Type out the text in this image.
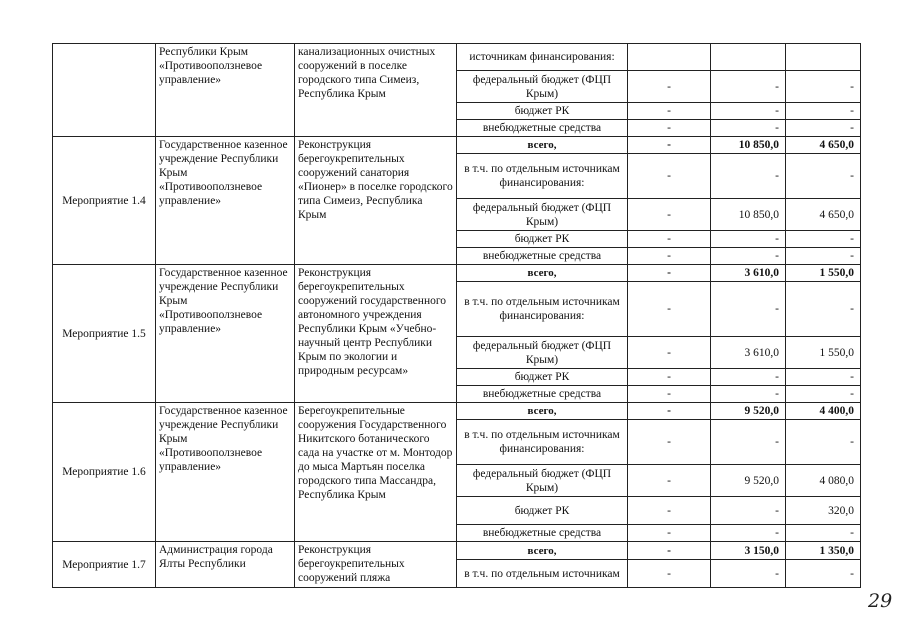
	Республики Крым «Противооползневое управление»	канализационных очистных сооружений в поселке городского типа Симеиз, Республика Крым	источникам финансирования:			
			федеральный бюджет (ФЦП Крым)	-	-	-
			бюджет РК	-	-	-
			внебюджетные средства	-	-	-
Мероприятие 1.4	Государственное казенное учреждение Республики Крым «Противооползневое управление»	Реконструкция берегоукрепительных сооружений санатория «Пионер» в поселке городского типа Симеиз, Республика Крым	всего,	-	10 850,0	4 650,0
			в т.ч. по отдельным источникам финансирования:	-	-	-
			федеральный бюджет (ФЦП Крым)	-	10 850,0	4 650,0
			бюджет РК	-	-	-
			внебюджетные средства	-	-	-
Мероприятие 1.5	Государственное казенное учреждение Республики Крым «Противооползневое управление»	Реконструкция берегоукрепительных сооружений государственного автономного учреждения Республики Крым «Учебно-научный центр Республики Крым по экологии и природным ресурсам»	всего,	-	3 610,0	1 550,0
			в т.ч. по отдельным источникам финансирования:	-	-	-
			федеральный бюджет (ФЦП Крым)	-	3 610,0	1 550,0
			бюджет РК	-	-	-
			внебюджетные средства	-	-	-
Мероприятие 1.6	Государственное казенное учреждение Республики Крым «Противооползневое управление»	Берегоукрепительные сооружения Государственного Никитского ботанического сада на участке от м. Монтодор до мыса Мартьян поселка городского типа Массандра, Республика Крым	всего,	-	9 520,0	4 400,0
			в т.ч. по отдельным источникам финансирования:	-	-	-
			федеральный бюджет (ФЦП Крым)	-	9 520,0	4 080,0
			бюджет РК	-	-	320,0
			внебюджетные средства	-	-	-
Мероприятие 1.7	Администрация города Ялты Республики	Реконструкция берегоукрепительных сооружений пляжа	всего,	-	3 150,0	1 350,0
			в т.ч. по отдельным источникам	-	-	-
29
